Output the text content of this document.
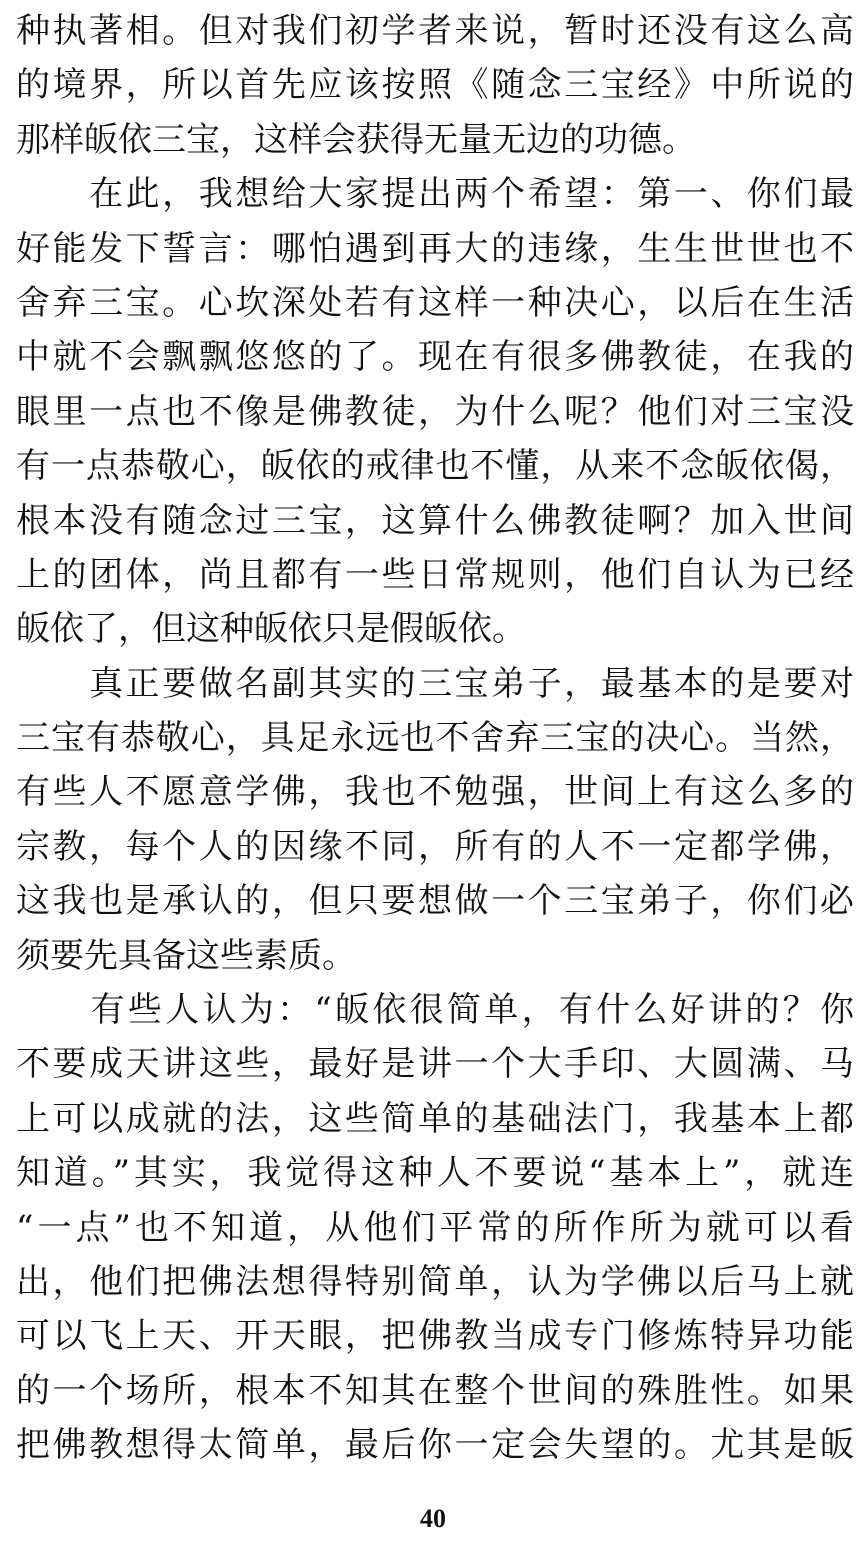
种执著相。但对我们初学者来说，暂时还没有这么高
的境界，所以首先应该按照《随念三宝经》中所说的
那样皈依三宝，这样会获得无量无边的功德。
　　在此，我想给大家提出两个希望：第一、你们最
好能发下誓言：哪怕遇到再大的违缘，生生世世也不
舍弃三宝。心坎深处若有这样一种决心，以后在生活
中就不会飘飘悠悠的了。现在有很多佛教徒，在我的
眼里一点也不像是佛教徒，为什么呢？他们对三宝没
有一点恭敬心，皈依的戒律也不懂，从来不念皈依偈，
根本没有随念过三宝，这算什么佛教徒啊？加入世间
上的团体，尚且都有一些日常规则，他们自认为已经
皈依了，但这种皈依只是假皈依。
　　真正要做名副其实的三宝弟子，最基本的是要对
三宝有恭敬心，具足永远也不舍弃三宝的决心。当然，
有些人不愿意学佛，我也不勉强，世间上有这么多的
宗教，每个人的因缘不同，所有的人不一定都学佛，
这我也是承认的，但只要想做一个三宝弟子，你们必
须要先具备这些素质。
　　有些人认为：“皈依很简单，有什么好讲的？你
不要成天讲这些，最好是讲一个大手印、大圆满、马
上可以成就的法，这些简单的基础法门，我基本上都
知道。”其实，我觉得这种人不要说“基本上”，就连
“一点”也不知道，从他们平常的所作所为就可以看
出，他们把佛法想得特别简单，认为学佛以后马上就
可以飞上天、开天眼，把佛教当成专门修炼特异功能
的一个场所，根本不知其在整个世间的殊胜性。如果
把佛教想得太简单，最后你一定会失望的。尤其是皈
40
